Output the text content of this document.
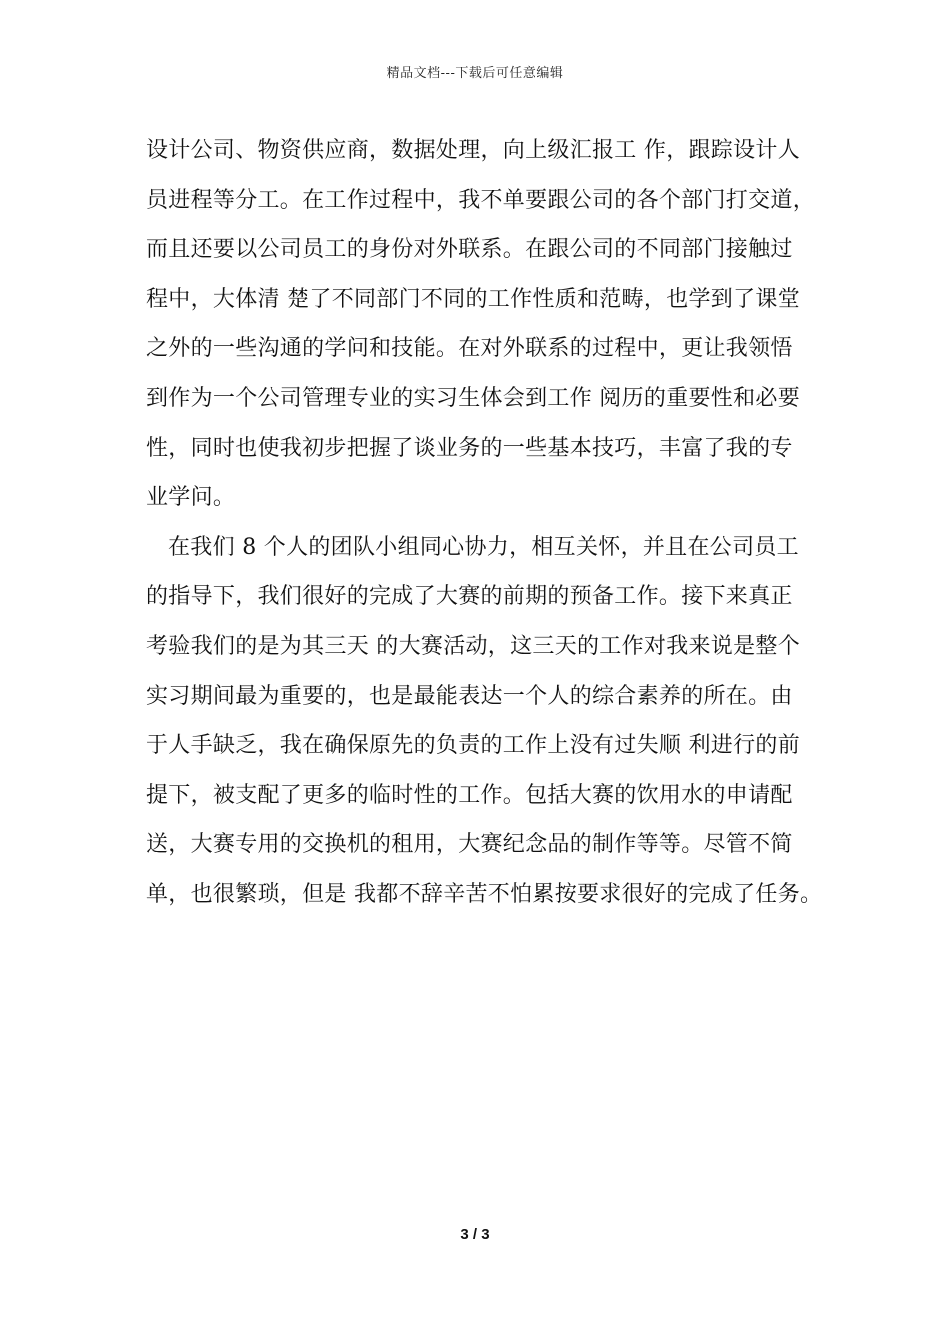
精品文档---下载后可任意编辑
设计公司、物资供应商，数据处理，向上级汇报工 作，跟踪设计人
员进程等分工。在工作过程中，我不单要跟公司的各个部门打交道，
而且还要以公司员工的身份对外联系。在跟公司的不同部门接触过
程中，大体清 楚了不同部门不同的工作性质和范畴，也学到了课堂
之外的一些沟通的学问和技能。在对外联系的过程中，更让我领悟
到作为一个公司管理专业的实习生体会到工作 阅历的重要性和必要
性，同时也使我初步把握了谈业务的一些基本技巧，丰富了我的专
业学问。
在我们 8 个人的团队小组同心协力，相互关怀，并且在公司员工
的指导下，我们很好的完成了大赛的前期的预备工作。接下来真正
考验我们的是为其三天 的大赛活动，这三天的工作对我来说是整个
实习期间最为重要的，也是最能表达一个人的综合素养的所在。由
于人手缺乏，我在确保原先的负责的工作上没有过失顺 利进行的前
提下，被支配了更多的临时性的工作。包括大赛的饮用水的申请配
送，大赛专用的交换机的租用，大赛纪念品的制作等等。尽管不简
单，也很繁琐，但是 我都不辞辛苦不怕累按要求很好的完成了任务。
3 / 3
